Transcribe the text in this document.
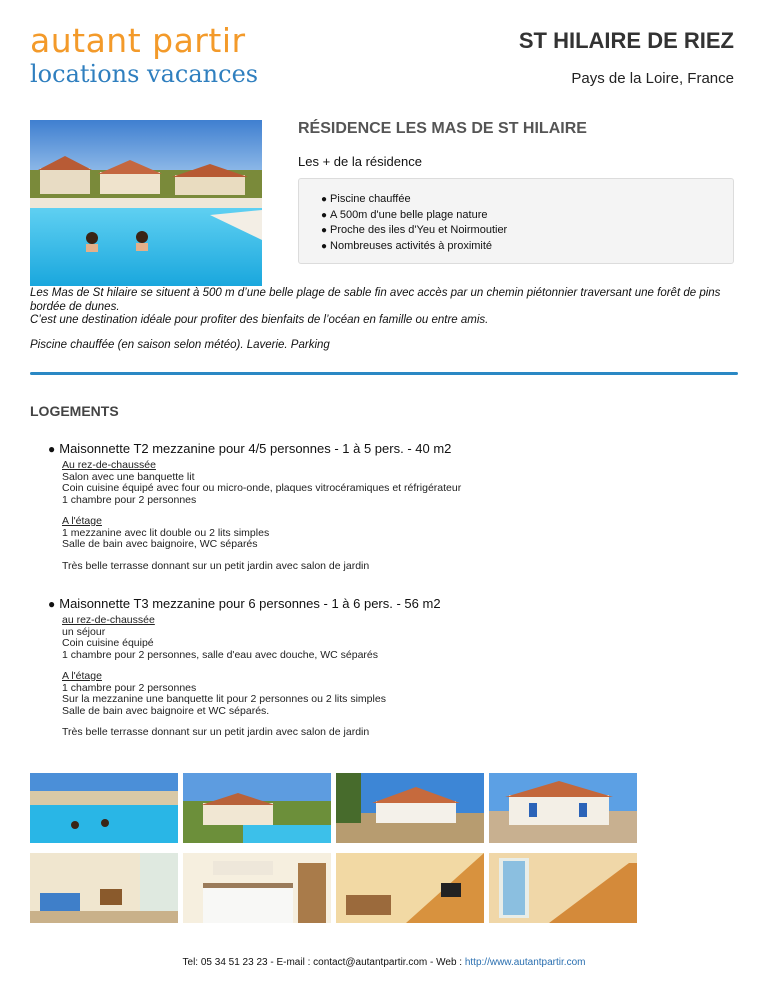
autant partir
locations vacances
ST HILAIRE DE RIEZ
Pays de la Loire, France
RÉSIDENCE LES MAS DE ST HILAIRE
Les + de la résidence
● Piscine chauffée
● A 500m d'une belle plage nature
● Proche des iles d'Yeu et Noirmoutier
● Nombreuses activités à proximité

Les Mas de St hilaire se situent à 500 m d’une belle plage de sable fin avec accès par un chemin piétonnier traversant une forêt de pins bordée de dunes.

C’est une destination idéale pour profiter des bienfaits de l’océan en famille ou entre amis.

Piscine chauffée (en saison selon météo). Laverie. Parking

LOGEMENTS
● Maisonnette T2 mezzanine pour 4/5 personnes - 1 à 5 pers. - 40 m2
Au rez-de-chaussée
Salon avec une banquette lit
Coin cuisine équipé avec four ou micro-onde, plaques vitrocéramiques et réfrigérateur
1 chambre pour 2 personnes
A l'étage
1 mezzanine avec lit double ou 2 lits simples
Salle de bain avec baignoire, WC séparés
Très belle terrasse donnant sur un petit jardin avec salon de jardin
● Maisonnette T3 mezzanine pour 6 personnes - 1 à 6 pers. - 56 m2
au rez-de-chaussée
un séjour
Coin cuisine équipé
1 chambre pour 2 personnes, salle d'eau avec douche, WC séparés
A l'étage
1 chambre pour 2 personnes
Sur la mezzanine une banquette lit pour 2 personnes ou 2 lits simples
Salle de bain avec baignoire et WC séparés.
Très belle terrasse donnant sur un petit jardin avec salon de jardin
Tel: 05 34 51 23 23 - E-mail : contact@autantpartir.com - Web : http://www.autantpartir.com
